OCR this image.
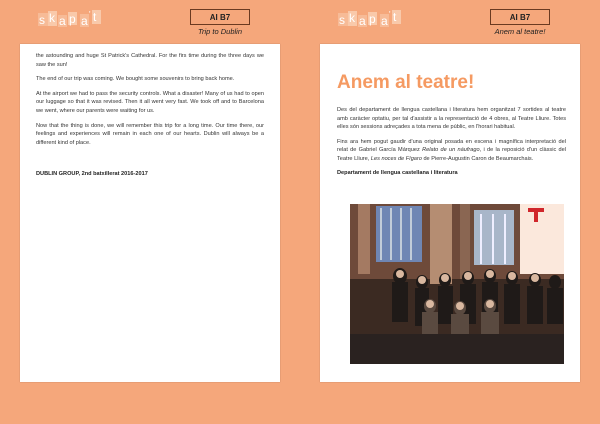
s k a p a ' t	AI B7
Trip to Dublin
s k a p a ' t	AI B7
Anem al teatre!

the astounding and huge St Patrick's Cathedral. For the firs time during the three days we saw the sun!

The end of our trip was coming. We bought some souvenirs to bring back home.

At the airport we had to pass the security controls. What a disaster! Many of us had to open our luggage so that it was revised. Then it all went very fast. We took off and to Barcelona we went, where our parents were waiting for us.

Now that the thing is done, we will remember this trip for a long time. Our time there, our feelings and experiences will remain in each one of our hearts. Dublin will always be a different kind of place.

DUBLIN GROUP, 2nd batxillerat 2016-2017
Anem al teatre!

Des del departament de llengua castellana i literatura hem organitzat 7 sortides al teatre amb caràcter optatiu, per tal d'assistir a la representació de 4 obres, al Teatre Lliure. Totes elles són sessions adreçades a tota mena de públic, en l'horari habitual.

Fins ara hem pogut gaudir d'una original posada en escena i magnífica interpretació del relat de Gabriel García Márquez Relato de un náufrago, i de la reposició d'un clàssic del Teatre Lliure, Les noces de Fígaro de Pierre-Augustin Caron de Beaumarchais.

Departament de llengua castellana i literatura
